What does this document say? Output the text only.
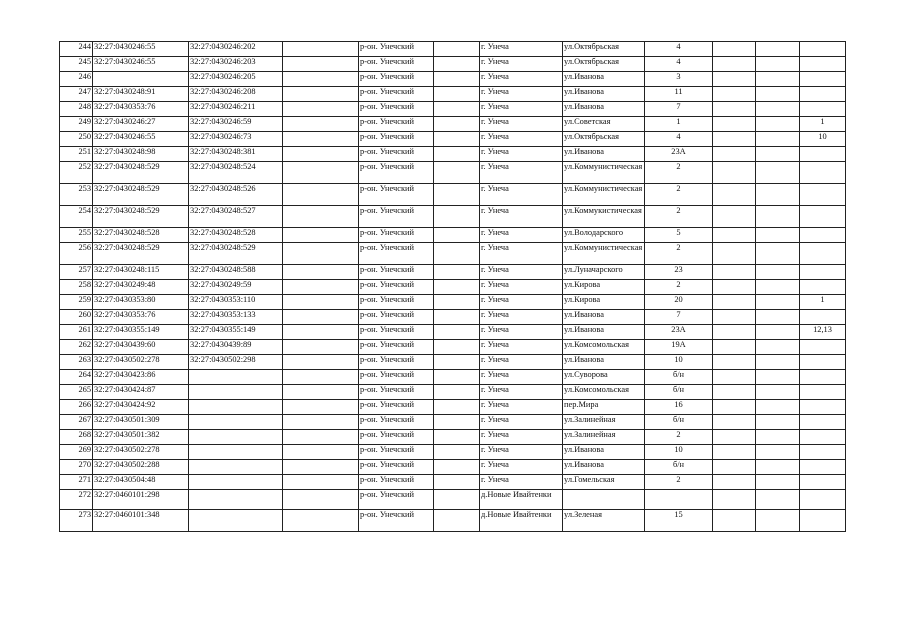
244	32:27:0430246:55	32:27:0430246:202		р-он. Унечский		г. Унеча	ул.Октябрьская	4			
245	32:27:0430246:55	32:27:0430246:203		р-он. Унечский		г. Унеча	ул.Октябрьская	4			
246		32:27:0430246:205		р-он. Унечский		г. Унеча	ул.Иванова	3			
247	32:27:0430248:91	32:27:0430246:208		р-он. Унечский		г. Унеча	ул.Иванова	11			
248	32:27:0430353:76	32:27:0430246:211		р-он. Унечский		г. Унеча	ул.Иванова	7			
249	32:27:0430246:27	32:27:0430246:59		р-он. Унечский		г. Унеча	ул.Советская	1			1
250	32:27:0430246:55	32:27:0430246:73		р-он. Унечский		г. Унеча	ул.Октябрьская	4			10
251	32:27:0430248:98	32:27:0430248:381		р-он. Унечский		г. Унеча	ул.Иванова	23А			
252	32:27:0430248:529	32:27:0430248:524		р-он. Унечский		г. Унеча	ул.Коммунистическая	2			
253	32:27:0430248:529	32:27:0430248:526		р-он. Унечский		г. Унеча	ул.Коммунистическая	2			
254	32:27:0430248:529	32:27:0430248:527		р-он. Унечский		г. Унеча	ул.Коммукистическая	2			
255	32:27:0430248:528	32:27:0430248:528		р-он. Унечский		г. Унеча	ул.Володарского	5			
256	32:27:0430248:529	32:27:0430248:529		р-он. Унечский		г. Унеча	ул.Коммунистическая	2			
257	32:27:0430248:115	32:27:0430248:588		р-он. Унечский		г. Унеча	ул.Луначарского	23			
258	32:27:0430249:48	32:27:0430249:59		р-он. Унечский		г. Унеча	ул.Кирова	2			
259	32:27:0430353:80	32:27:0430353:110		р-он. Унечский		г. Унеча	ул.Кирова	20			1
260	32:27:0430353:76	32:27:0430353:133		р-он. Унечский		г. Унеча	ул.Иванова	7			
261	32:27:0430355:149	32:27:0430355:149		р-он. Унечский		г. Унеча	ул.Иванова	23А			12,13
262	32:27:0430439:60	32:27:0430439:89		р-он. Унечский		г. Унеча	ул.Комсомольская	19А			
263	32:27:0430502:278	32:27:0430502:298		р-он. Унечский		г. Унеча	ул.Иванова	10			
264	32:27:0430423:86			р-он. Унечский		г. Унеча	ул.Суворова	б/н			
265	32:27:0430424:87			р-он. Унечский		г. Унеча	ул.Комсомольская	б/н			
266	32:27:0430424:92			р-он. Унечский		г. Унеча	пер.Мира	16			
267	32:27:0430501:309			р-он. Унечский		г. Унеча	ул.Залинейная	б/н			
268	32:27:0430501:382			р-он. Унечский		г. Унеча	ул.Залинейная	2			
269	32:27:0430502:278			р-он. Унечский		г. Унеча	ул.Иванова	10			
270	32:27:0430502:288			р-он. Унечский		г. Унеча	ул.Иванова	б/н			
271	32:27:0430504:48			р-он. Унечский		г. Унеча	ул.Гомельская	2			
272	32:27:0460101:298			р-он. Унечский		д.Новые Ивайтенки					
273	32:27:0460101:348			р-он. Унечский		д.Новые Ивайтенки	ул.Зеленая	15			
